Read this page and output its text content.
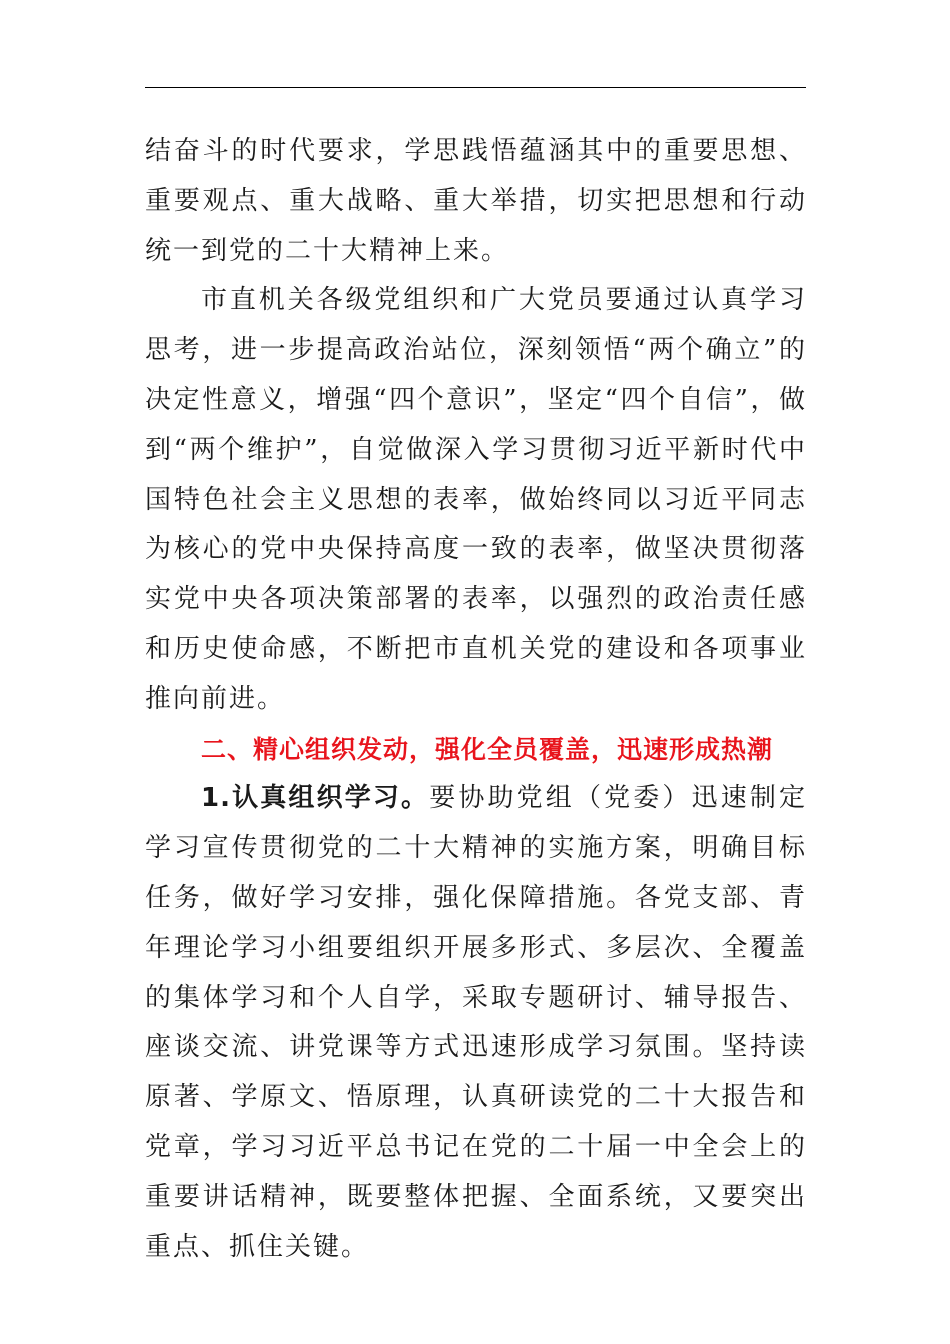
结奋斗的时代要求，学思践悟蕴涵其中的重要思想、重要观点、重大战略、重大举措，切实把思想和行动统一到党的二十大精神上来。

市直机关各级党组织和广大党员要通过认真学习思考，进一步提高政治站位，深刻领悟“两个确立”的决定性意义，增强“四个意识”，坚定“四个自信”，做到“两个维护”，自觉做深入学习贯彻习近平新时代中国特色社会主义思想的表率，做始终同以习近平同志为核心的党中央保持高度一致的表率，做坚决贯彻落实党中央各项决策部署的表率，以强烈的政治责任感和历史使命感，不断把市直机关党的建设和各项事业推向前进。

二、精心组织发动，强化全员覆盖，迅速形成热潮

1.认真组织学习。要协助党组（党委）迅速制定学习宣传贯彻党的二十大精神的实施方案，明确目标任务，做好学习安排，强化保障措施。各党支部、青年理论学习小组要组织开展多形式、多层次、全覆盖的集体学习和个人自学，采取专题研讨、辅导报告、座谈交流、讲党课等方式迅速形成学习氛围。坚持读原著、学原文、悟原理，认真研读党的二十大报告和党章，学习习近平总书记在党的二十届一中全会上的重要讲话精神，既要整体把握、全面系统，又要突出重点、抓住关键。
